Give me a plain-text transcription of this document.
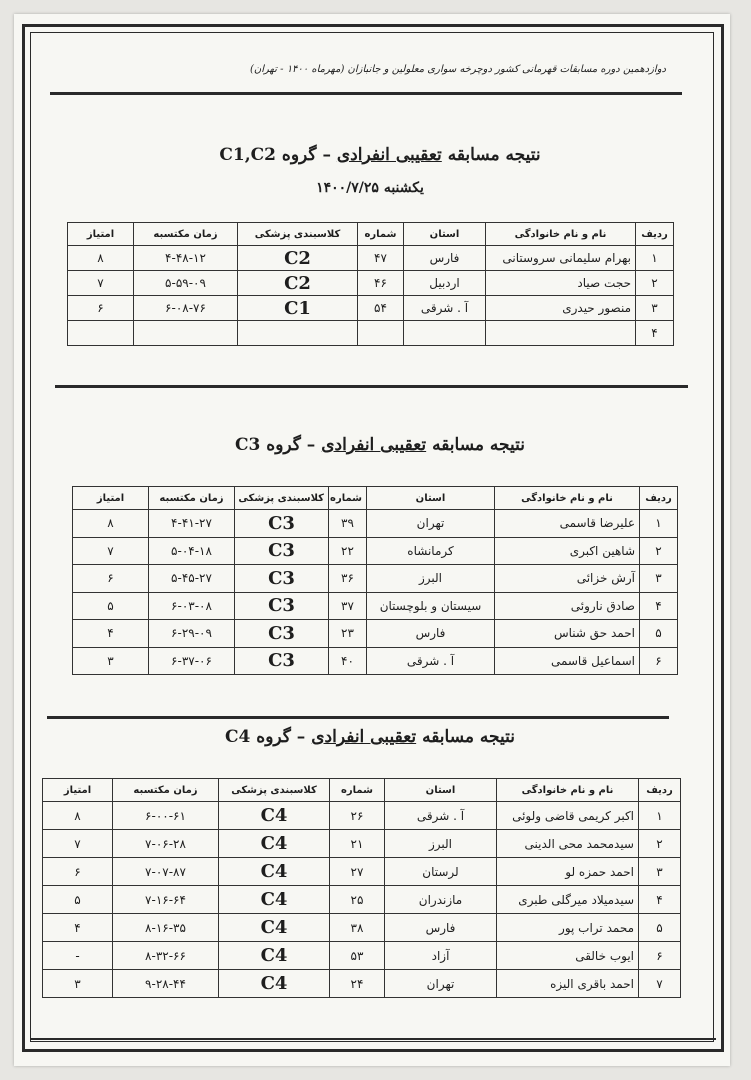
دوازدهمین دوره مسابقات قهرمانی کشور دوچرخه سواری معلولین و جانبازان (مهرماه ۱۴۰۰ - تهران)
نتیجه مسابقه تعقیبی انفرادی – گروه C1,C2
یکشنبه ۱۴۰۰/۷/۲۵
ردیف	نام و نام خانوادگی	استان	شماره	کلاسبندی پزشکی	زمان مکتسبه	امتیاز
۱	بهرام سلیمانی سروستانی	فارس	۴۷	C2	۴-۴۸-۱۲	۸
۲	حجت صیاد	اردبیل	۴۶	C2	۵-۵۹-۰۹	۷
۳	منصور حیدری	آ . شرقی	۵۴	C1	۶-۰۸-۷۶	۶
۴						
نتیجه مسابقه تعقیبی انفرادی – گروه C3
ردیف	نام و نام خانوادگی	استان	شماره	کلاسبندی پزشکی	زمان مکتسبه	امتیاز
۱	علیرضا قاسمی	تهران	۳۹	C3	۴-۴۱-۲۷	۸
۲	شاهین اکبری	کرمانشاه	۲۲	C3	۵-۰۴-۱۸	۷
۳	آرش خزائی	البرز	۳۶	C3	۵-۴۵-۲۷	۶
۴	صادق ناروئی	سیستان و بلوچستان	۳۷	C3	۶-۰۳-۰۸	۵
۵	احمد حق شناس	فارس	۲۳	C3	۶-۲۹-۰۹	۴
۶	اسماعیل قاسمی	آ . شرقی	۴۰	C3	۶-۳۷-۰۶	۳
نتیجه مسابقه تعقیبی انفرادی – گروه C4
ردیف	نام و نام خانوادگی	استان	شماره	کلاسبندی پزشکی	زمان مکتسبه	امتیاز
۱	اکبر کریمی قاضی ولوئی	آ . شرقی	۲۶	C4	۶-۰۰-۶۱	۸
۲	سیدمحمد محی الدینی	البرز	۲۱	C4	۷-۰۶-۲۸	۷
۳	احمد حمزه لو	لرستان	۲۷	C4	۷-۰۷-۸۷	۶
۴	سیدمیلاد میرگلی طبری	مازندران	۲۵	C4	۷-۱۶-۶۴	۵
۵	محمد تراب پور	فارس	۳۸	C4	۸-۱۶-۳۵	۴
۶	ایوب خالقی	آزاد	۵۳	C4	۸-۳۲-۶۶	-
۷	احمد باقری الیزه	تهران	۲۴	C4	۹-۲۸-۴۴	۳
